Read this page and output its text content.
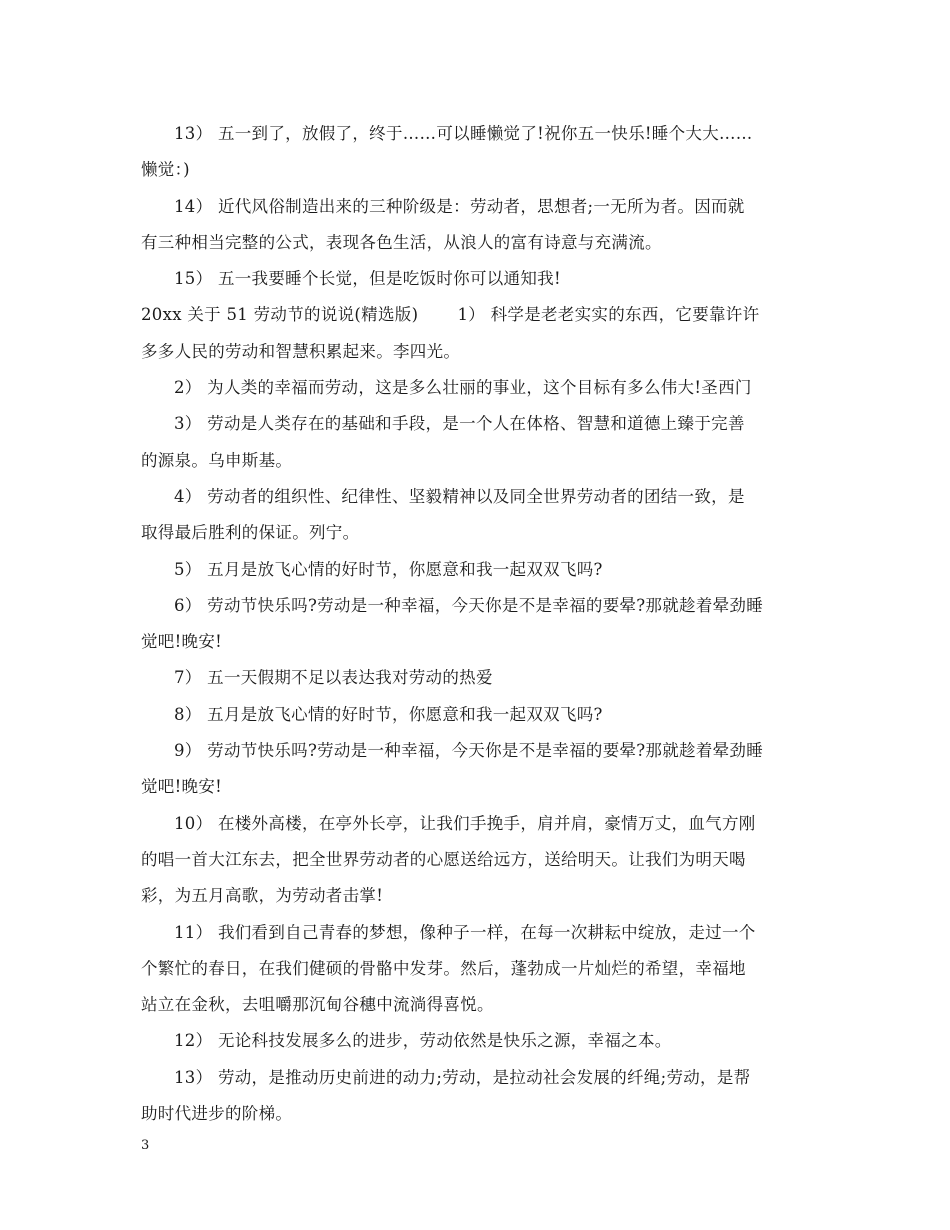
13） 五一到了，放假了，终于……可以睡懒觉了!祝你五一快乐!睡个大大……
懒觉：)
14） 近代风俗制造出来的三种阶级是：劳动者，思想者;一无所为者。因而就
有三种相当完整的公式，表现各色生活，从浪人的富有诗意与充满流。
15） 五一我要睡个长觉，但是吃饭时你可以通知我!
20xx 关于 51 劳动节的说说(精选版)　　 1） 科学是老老实实的东西，它要靠许许
多多人民的劳动和智慧积累起来。李四光。
2） 为人类的幸福而劳动，这是多么壮丽的事业，这个目标有多么伟大!圣西门
3） 劳动是人类存在的基础和手段，是一个人在体格、智慧和道德上臻于完善
的源泉。乌申斯基。
4） 劳动者的组织性、纪律性、坚毅精神以及同全世界劳动者的团结一致，是
取得最后胜利的保证。列宁。
5） 五月是放飞心情的好时节，你愿意和我一起双双飞吗?
6） 劳动节快乐吗?劳动是一种幸福，今天你是不是幸福的要晕?那就趁着晕劲睡
觉吧!晚安!
7） 五一天假期不足以表达我对劳动的热爱
8） 五月是放飞心情的好时节，你愿意和我一起双双飞吗?
9） 劳动节快乐吗?劳动是一种幸福，今天你是不是幸福的要晕?那就趁着晕劲睡
觉吧!晚安!
10） 在楼外高楼，在亭外长亭，让我们手挽手，肩并肩，豪情万丈，血气方刚
的唱一首大江东去，把全世界劳动者的心愿送给远方，送给明天。让我们为明天喝
彩，为五月高歌，为劳动者击掌!
11） 我们看到自己青春的梦想，像种子一样，在每一次耕耘中绽放，走过一个
个繁忙的春日，在我们健硕的骨骼中发芽。然后，蓬勃成一片灿烂的希望，幸福地
站立在金秋，去咀嚼那沉甸谷穗中流淌得喜悦。
12） 无论科技发展多么的进步，劳动依然是快乐之源，幸福之本。
13） 劳动，是推动历史前进的动力;劳动，是拉动社会发展的纤绳;劳动，是帮
助时代进步的阶梯。
3
